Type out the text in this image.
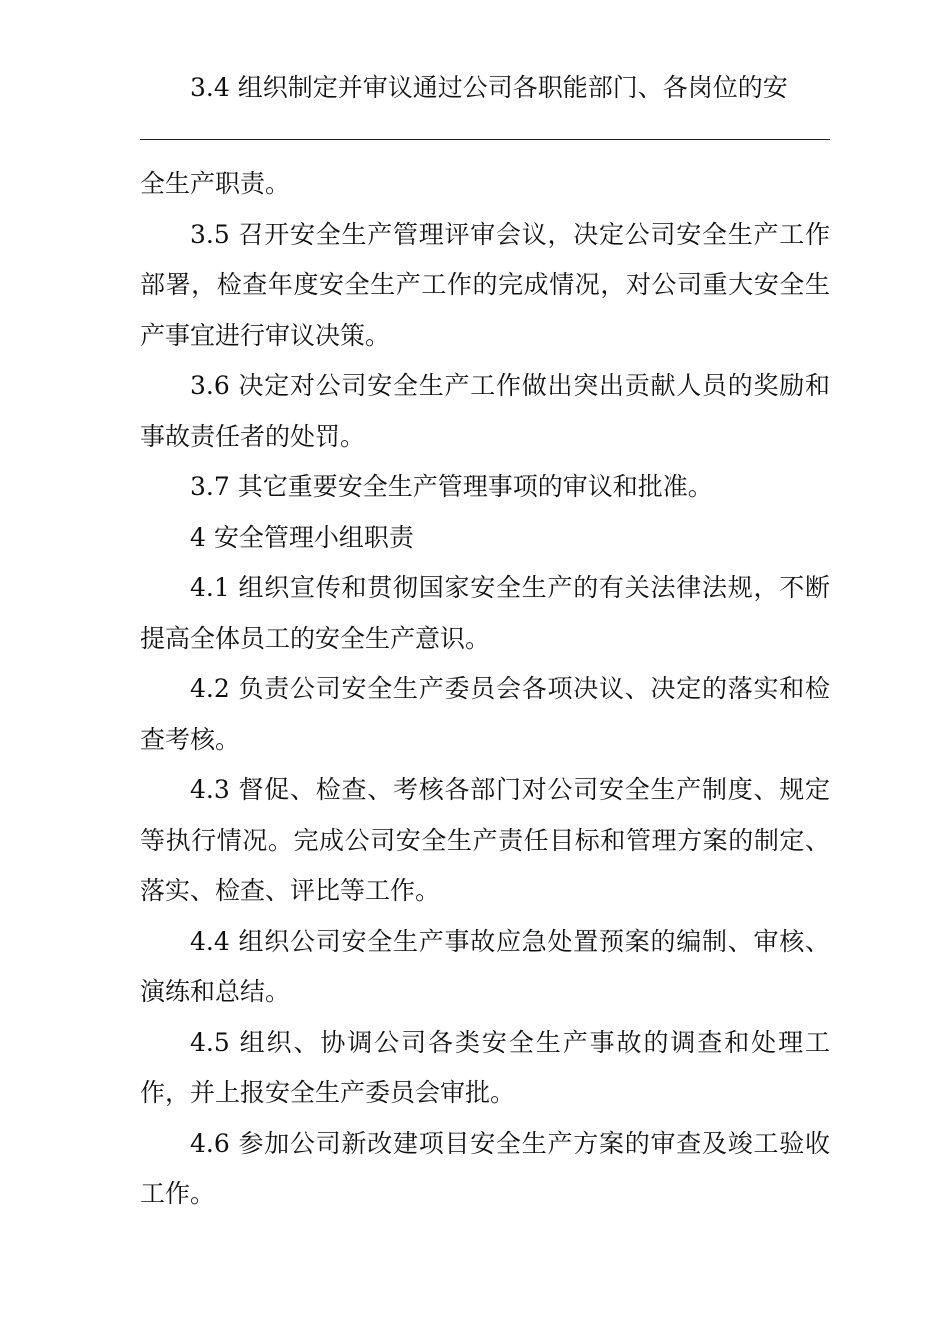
3.4 组织制定并审议通过公司各职能部门、各岗位的安

全生产职责。

3.5 召开安全生产管理评审会议，决定公司安全生产工作部署，检查年度安全生产工作的完成情况，对公司重大安全生产事宜进行审议决策。

3.6 决定对公司安全生产工作做出突出贡献人员的奖励和事故责任者的处罚。

3.7 其它重要安全生产管理事项的审议和批准。

4 安全管理小组职责

4.1 组织宣传和贯彻国家安全生产的有关法律法规，不断提高全体员工的安全生产意识。

4.2 负责公司安全生产委员会各项决议、决定的落实和检查考核。

4.3 督促、检查、考核各部门对公司安全生产制度、规定等执行情况。完成公司安全生产责任目标和管理方案的制定、落实、检查、评比等工作。

4.4 组织公司安全生产事故应急处置预案的编制、审核、演练和总结。

4.5 组织、协调公司各类安全生产事故的调查和处理工作，并上报安全生产委员会审批。

4.6 参加公司新改建项目安全生产方案的审查及竣工验收工作。
